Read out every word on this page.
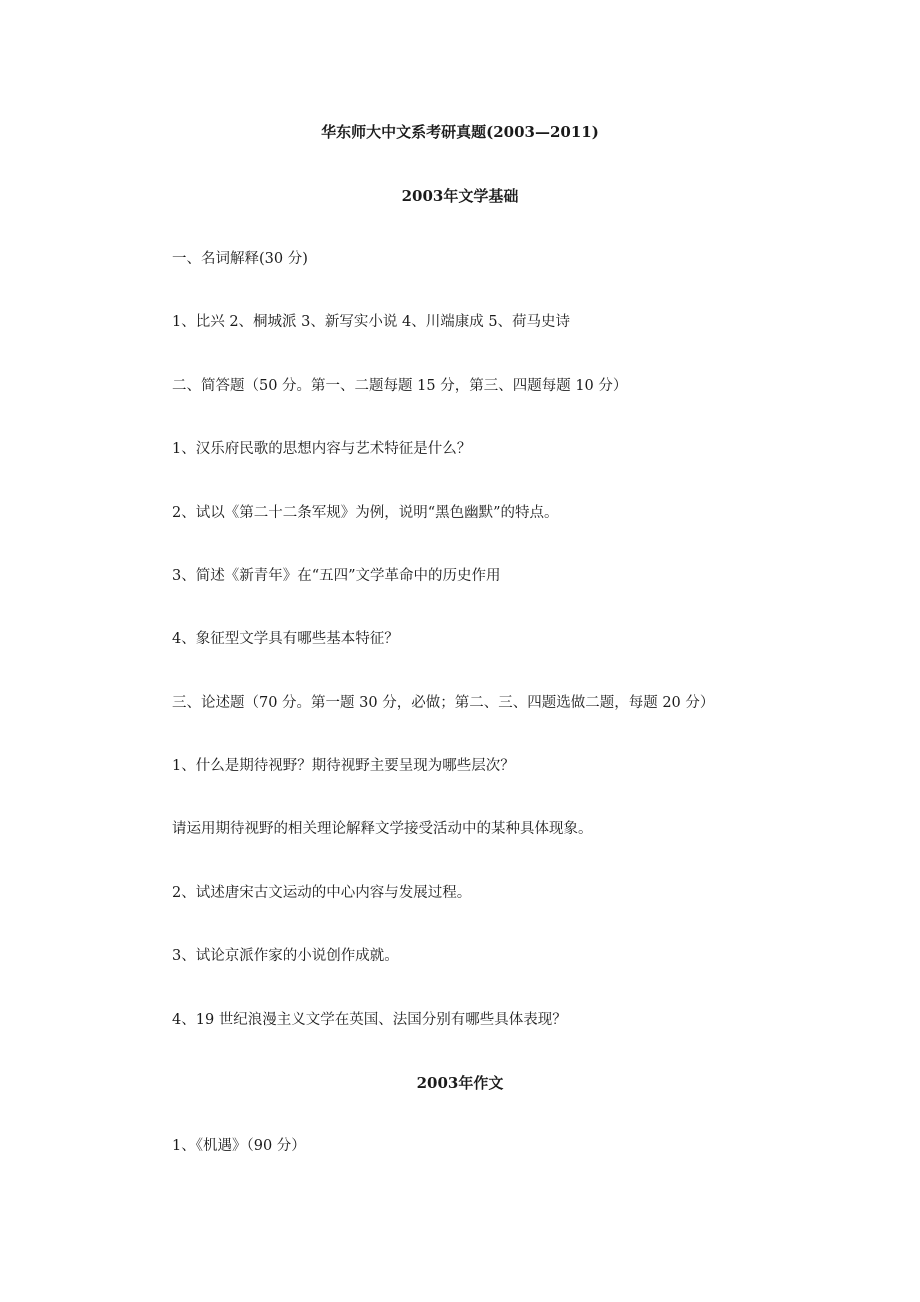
华东师大中文系考研真题(2003—2011)
2003年文学基础
一、名词解释(30 分)
1、比兴 2、桐城派 3、新写实小说 4、川端康成 5、荷马史诗
二、简答题（50 分。第一、二题每题 15 分，第三、四题每题 10 分）
1、汉乐府民歌的思想内容与艺术特征是什么？
2、试以《第二十二条军规》为例，说明“黑色幽默”的特点。
3、简述《新青年》在“五四”文学革命中的历史作用
4、象征型文学具有哪些基本特征？
三、论述题（70 分。第一题 30 分，必做；第二、三、四题选做二题，每题 20 分）
1、什么是期待视野？期待视野主要呈现为哪些层次？
请运用期待视野的相关理论解释文学接受活动中的某种具体现象。
2、试述唐宋古文运动的中心内容与发展过程。
3、试论京派作家的小说创作成就。
4、19 世纪浪漫主义文学在英国、法国分别有哪些具体表现？
2003年作文
1、《机遇》（90 分）
